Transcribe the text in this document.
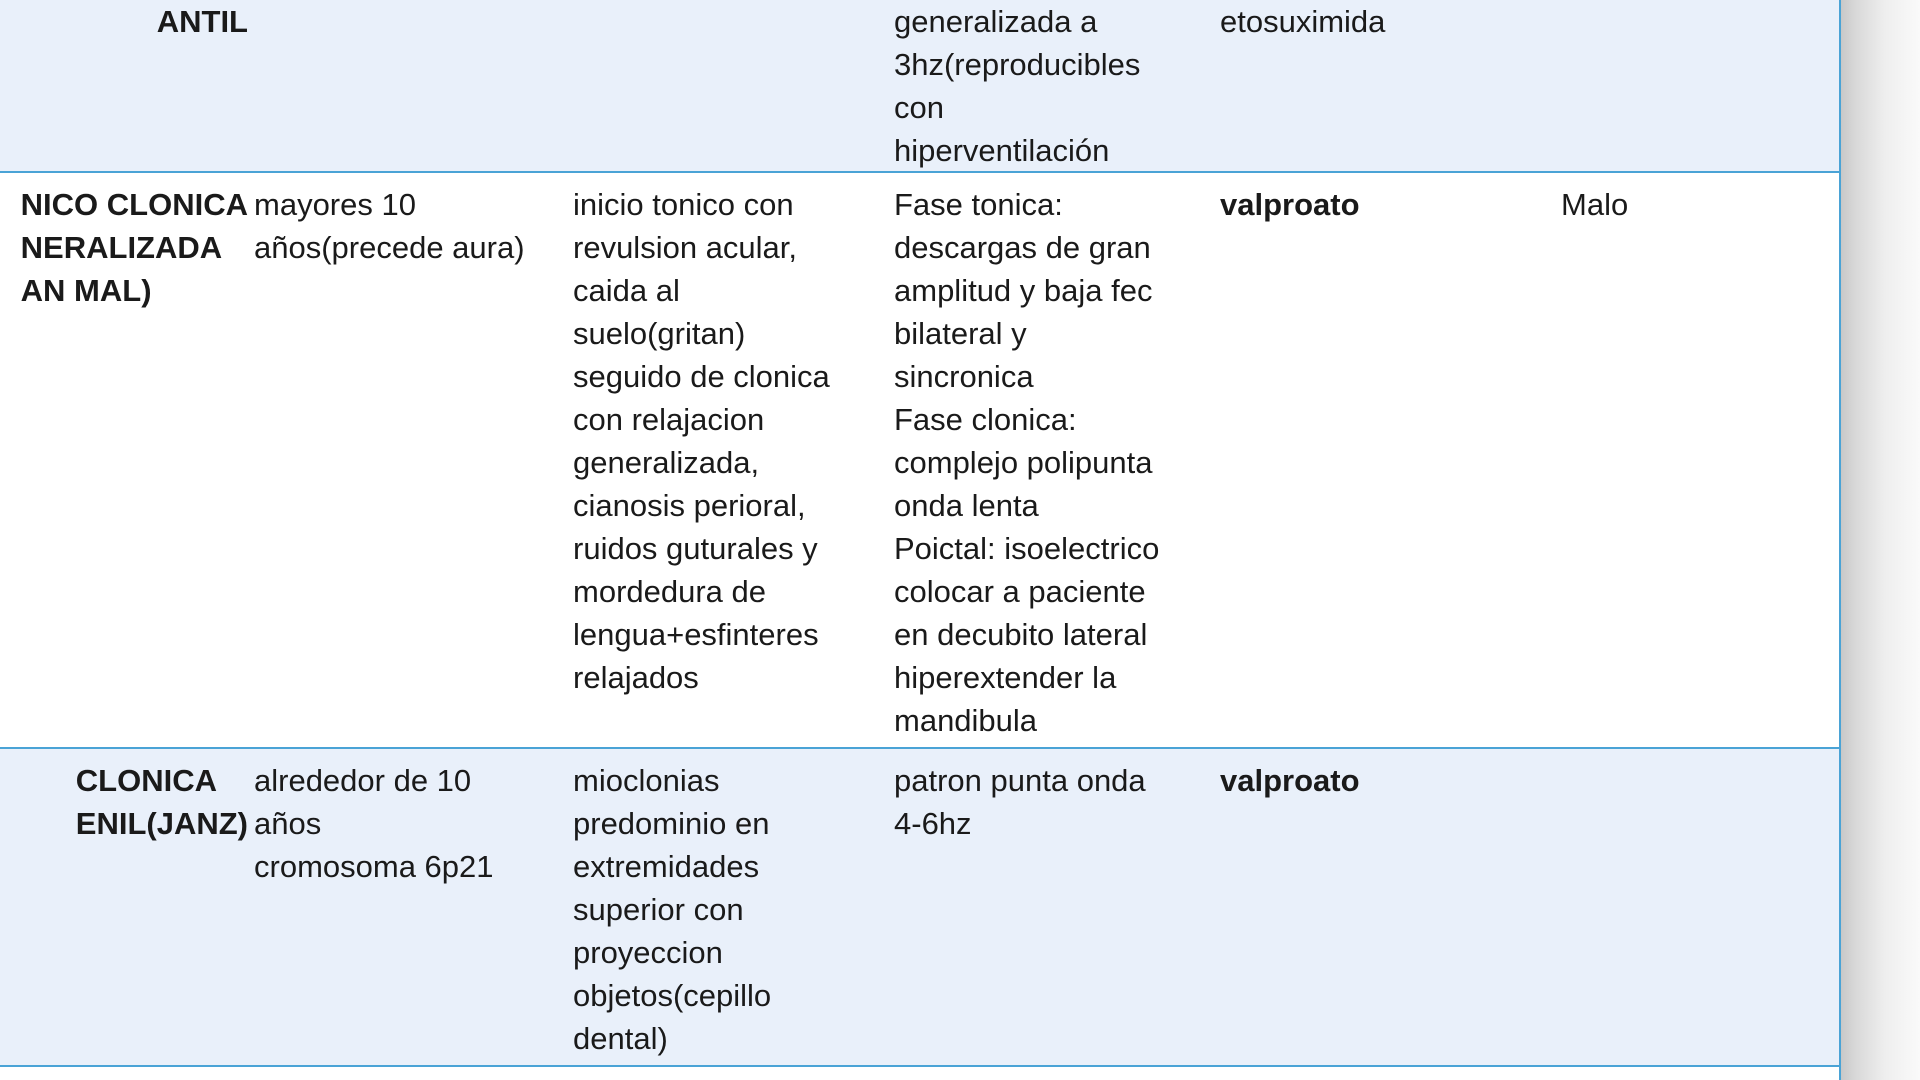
ANTIL	generalizada a
3hz(reproducibles
con
hiperventilación
etosuximida
NICO CLONICA
NERALIZADA
AN MAL)
mayores 10
años(precede aura)
inicio tonico con
revulsion acular,
caida al
suelo(gritan)
seguido de clonica
con relajacion
generalizada,
cianosis perioral,
ruidos guturales y
mordedura de
lengua+esfinteres
relajados
Fase tonica:
descargas de gran
amplitud y baja fec
bilateral y
sincronica
Fase clonica:
complejo polipunta
onda lenta
Poictal: isoelectrico
colocar a paciente
en decubito lateral
hiperextender la
mandibula
valproato	Malo
CLONICA
ENIL(JANZ)
alrededor de 10
años
cromosoma 6p21
mioclonias
predominio en
extremidades
superior con
proyeccion
objetos(cepillo
dental)
patron punta onda
4-6hz
valproato
